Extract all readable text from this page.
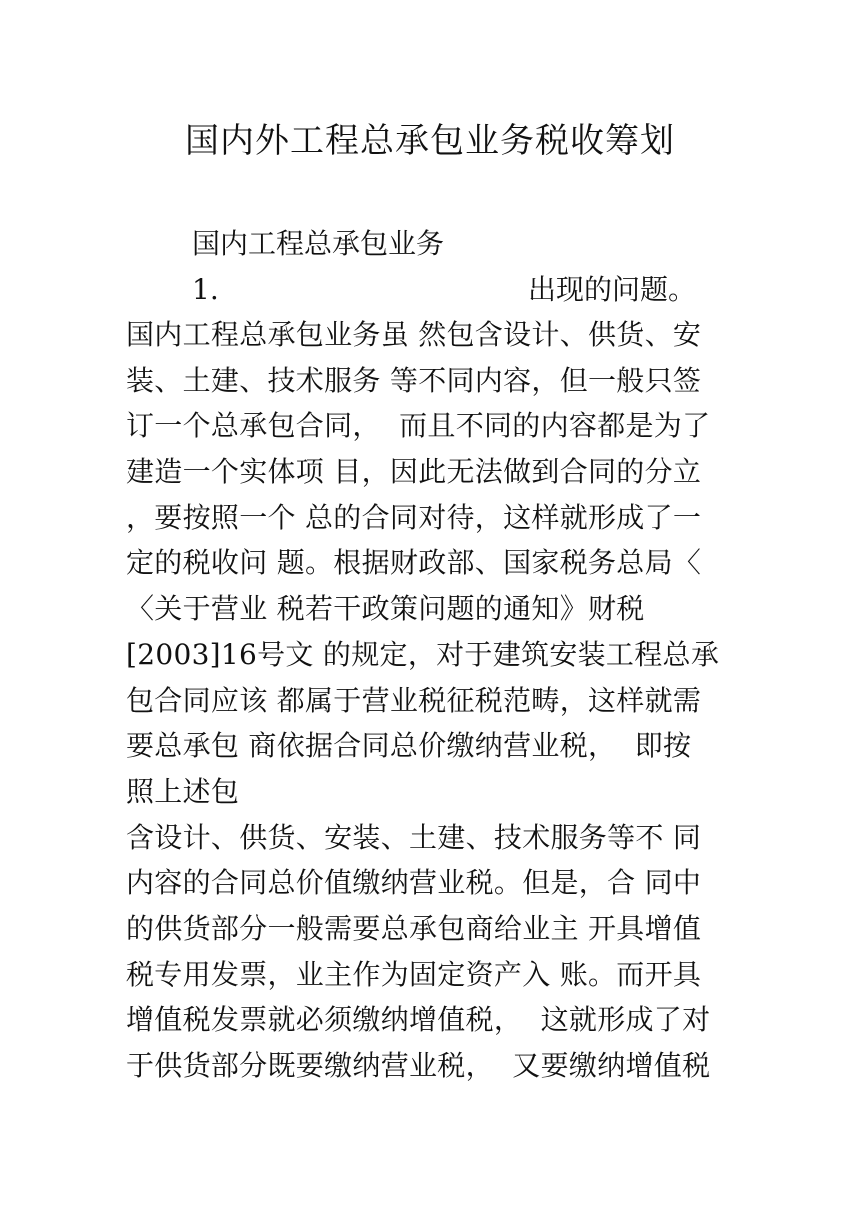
国内外工程总承包业务税收筹划
国内工程总承包业务
1.	出现的问题。
国内工程总承包业务虽 然包含设计、供货、安
装、土建、技术服务 等不同内容，但一般只签
订一个总承包合同，  而且不同的内容都是为了
建造一个实体项 目，因此无法做到合同的分立
，要按照一个 总的合同对待，这样就形成了一
定的税收问 题。根据财政部、国家税务总局〈
〈关于营业 税若干政策问题的通知》财税
[2003]16号文 的规定，对于建筑安装工程总承
包合同应该 都属于营业税征税范畴，这样就需
要总承包 商依据合同总价缴纳营业税，  即按
照上述包
含设计、供货、安装、土建、技术服务等不 同
内容的合同总价值缴纳营业税。但是，合 同中
的供货部分一般需要总承包商给业主 开具增值
税专用发票，业主作为固定资产入 账。而开具
增值税发票就必须缴纳增值税，  这就形成了对
于供货部分既要缴纳营业税，  又要缴纳增值税
